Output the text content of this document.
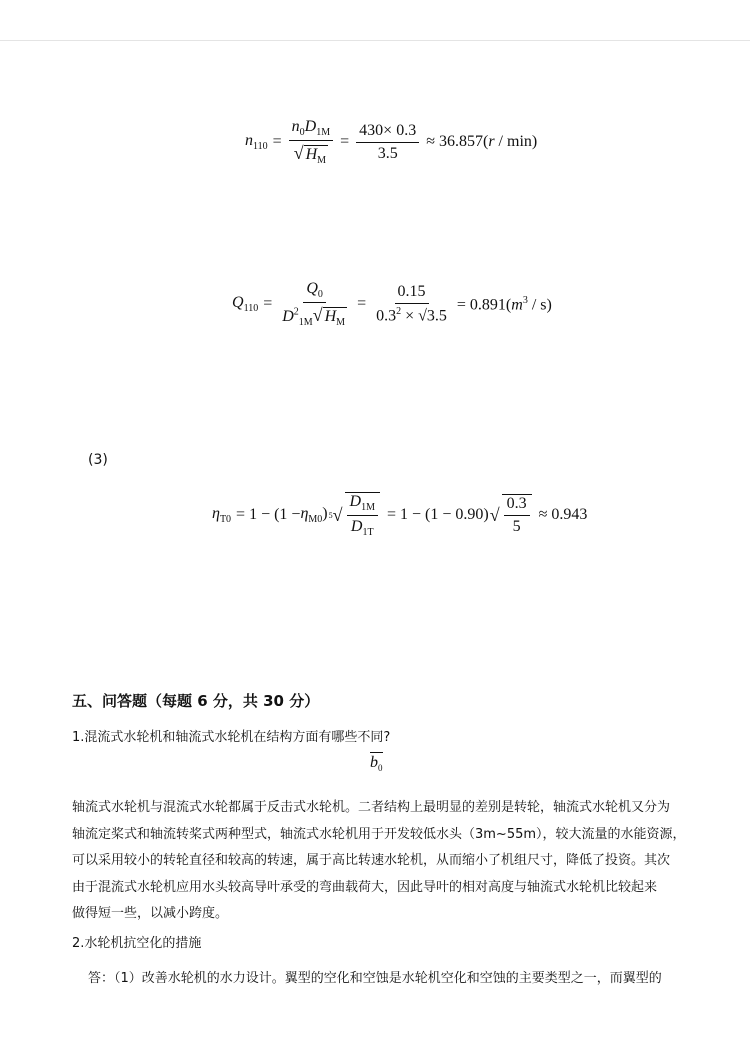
$n_{110} = \frac{n_0D_{1M}}{√ H_M} = \frac{430\times 0.3}{3.5} \approx 36.857(r / \min)$
$Q_{110} = \frac{Q_0}{D^2_{1M}√ H_M} = \frac{0.15}{0.3^2 \times √3.5} = 0.891(m^3 / s)$
(3)
$\eta_{T0} = 1 - (1 - \eta_{M0})$ 5 √ $\frac{D_{1M}}{D_{1T}} = 1 - (1 - 0.90)$ √ $\frac{0.3}{5} \approx 0.943$
五、问答题（每题 6 分，共 30 分）
1.混流式水轮机和轴流式水轮机在结构方面有哪些不同?
$b_0$
轴流式水轮机与混流式水轮都属于反击式水轮机。二者结构上最明显的差别是转轮，轴流式水轮机又分为
轴流定桨式和轴流转桨式两种型式，轴流式水轮机用于开发较低水头（3m~55m），较大流量的水能资源，
可以采用较小的转轮直径和较高的转速，属于高比转速水轮机，从而缩小了机组尺寸，降低了投资。其次
由于混流式水轮机应用水头较高导叶承受的弯曲载荷大，因此导叶的相对高度与轴流式水轮机比较起来
做得短一些，以减小跨度。
2.水轮机抗空化的措施
答：（1）改善水轮机的水力设计。翼型的空化和空蚀是水轮机空化和空蚀的主要类型之一，而翼型的
